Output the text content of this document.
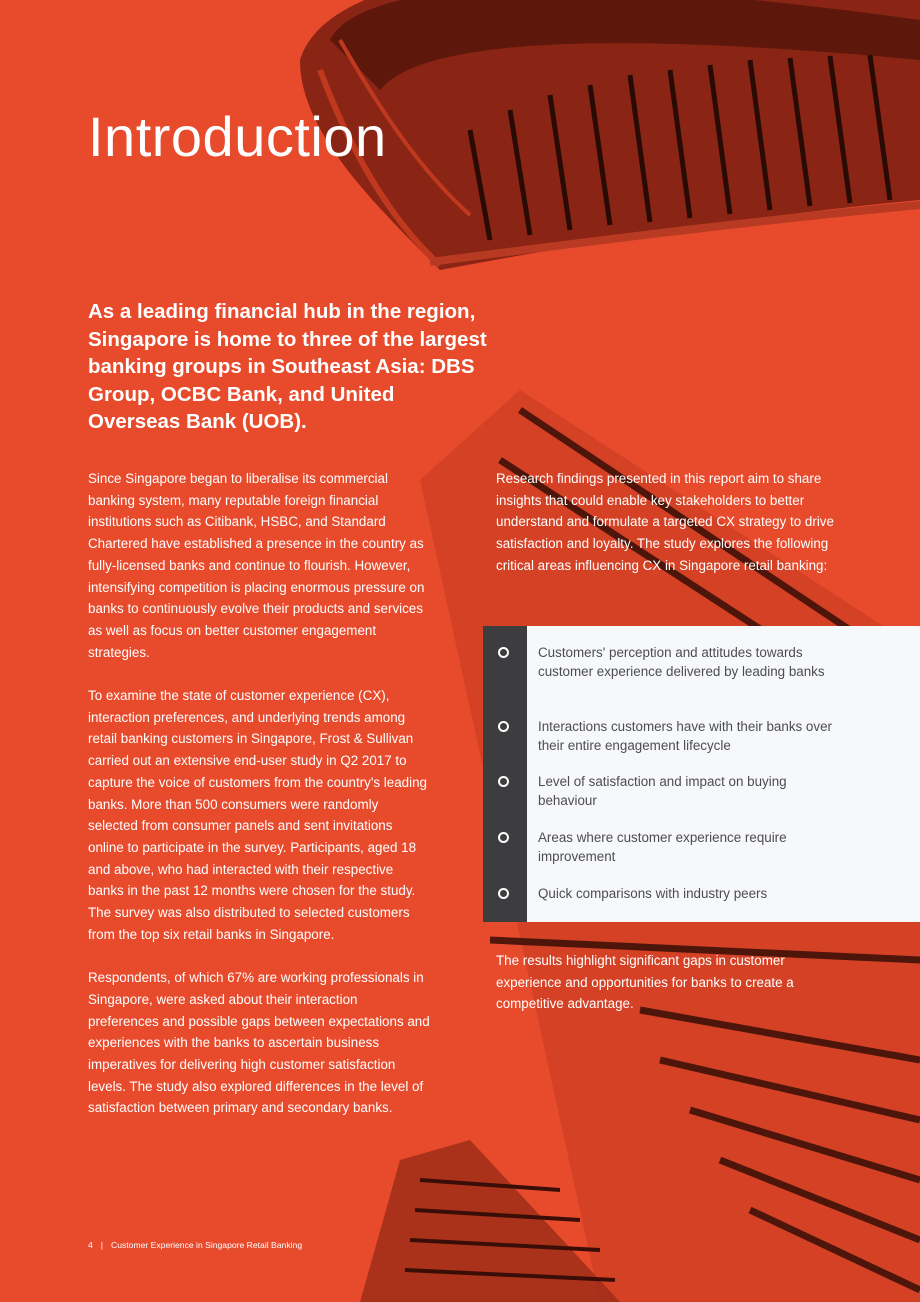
Introduction

As a leading financial hub in the region, Singapore is home to three of the largest banking groups in Southeast Asia: DBS Group, OCBC Bank, and United Overseas Bank (UOB).

Since Singapore began to liberalise its commercial banking system, many reputable foreign financial institutions such as Citibank, HSBC, and Standard Chartered have established a presence in the country as fully-licensed banks and continue to flourish. However, intensifying competition is placing enormous pressure on banks to continuously evolve their products and services as well as focus on better customer engagement strategies.

To examine the state of customer experience (CX), interaction preferences, and underlying trends among retail banking customers in Singapore, Frost & Sullivan carried out an extensive end-user study in Q2 2017 to capture the voice of customers from the country's leading banks. More than 500 consumers were randomly selected from consumer panels and sent invitations online to participate in the survey. Participants, aged 18 and above, who had interacted with their respective banks in the past 12 months were chosen for the study. The survey was also distributed to selected customers from the top six retail banks in Singapore.

Respondents, of which 67% are working professionals in Singapore, were asked about their interaction preferences and possible gaps between expectations and experiences with the banks to ascertain business imperatives for delivering high customer satisfaction levels. The study also explored differences in the level of satisfaction between primary and secondary banks.

Research findings presented in this report aim to share insights that could enable key stakeholders to better understand and formulate a targeted CX strategy to drive satisfaction and loyalty. The study explores the following critical areas influencing CX in Singapore retail banking:

Customers' perception and attitudes towards customer experience delivered by leading banks
Interactions customers have with their banks over their entire engagement lifecycle
Level of satisfaction and impact on buying behaviour
Areas where customer experience require improvement
Quick comparisons with industry peers

The results highlight significant gaps in customer experience and opportunities for banks to create a competitive advantage.

4 | Customer Experience in Singapore Retail Banking
